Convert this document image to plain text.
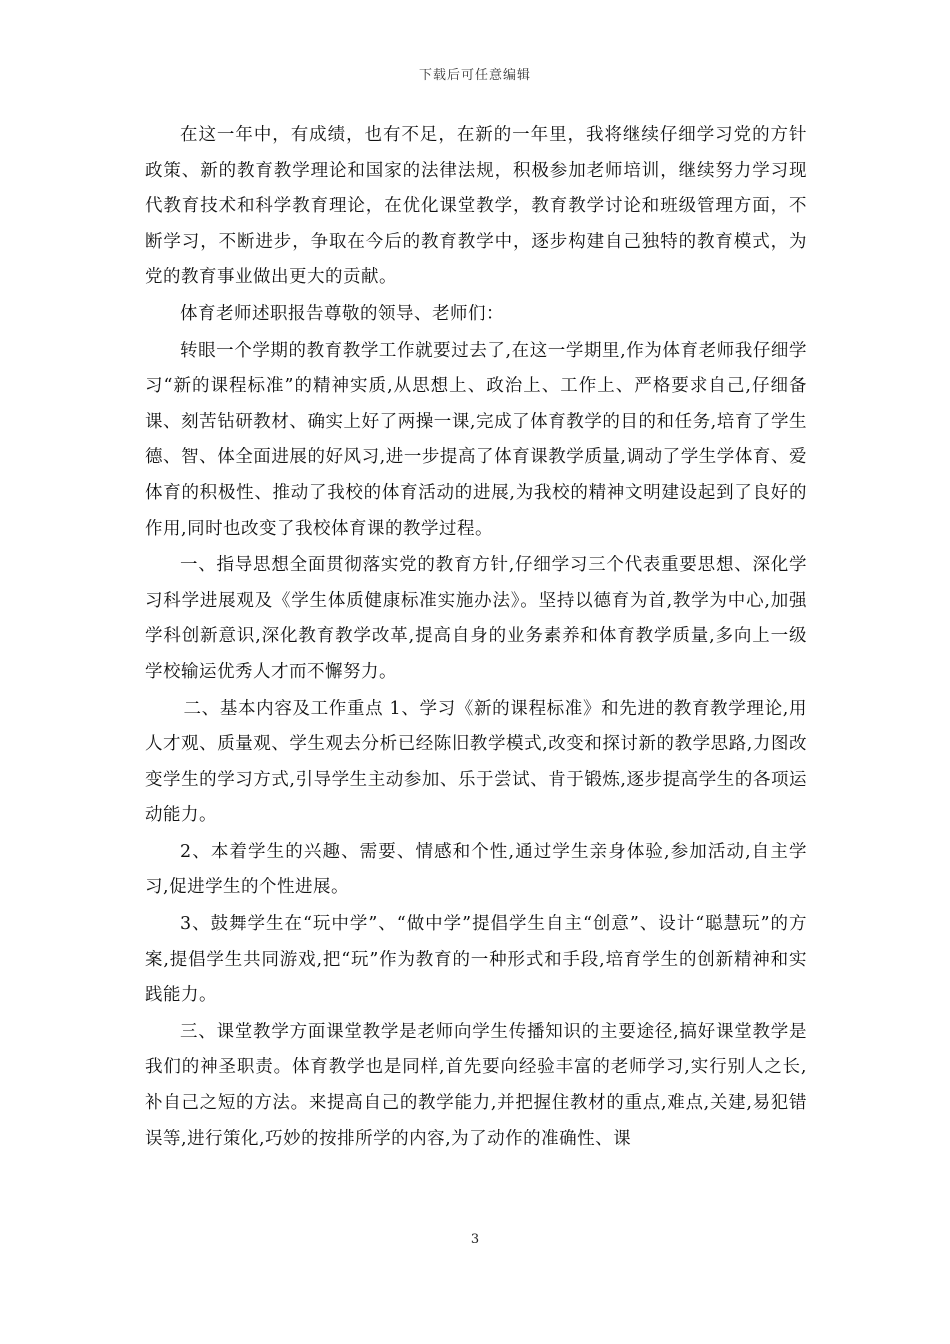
下载后可任意编辑

在这一年中，有成绩，也有不足，在新的一年里，我将继续仔细学习党的方针政策、新的教育教学理论和国家的法律法规，积极参加老师培训，继续努力学习现代教育技术和科学教育理论，在优化课堂教学，教育教学讨论和班级管理方面，不断学习，不断进步，争取在今后的教育教学中，逐步构建自己独特的教育模式，为党的教育事业做出更大的贡献。

体育老师述职报告尊敬的领导、老师们：

转眼一个学期的教育教学工作就要过去了,在这一学期里,作为体育老师我仔细学习“新的课程标准”的精神实质,从思想上、政治上、工作上、严格要求自己,仔细备课、刻苦钻研教材、确实上好了两操一课,完成了体育教学的目的和任务,培育了学生德、智、体全面进展的好风习,进一步提高了体育课教学质量,调动了学生学体育、爱体育的积极性、推动了我校的体育活动的进展,为我校的精神文明建设起到了良好的作用,同时也改变了我校体育课的教学过程。

一、指导思想全面贯彻落实党的教育方针,仔细学习三个代表重要思想、深化学习科学进展观及《学生体质健康标准实施办法》。坚持以德育为首,教学为中心,加强学科创新意识,深化教育教学改革,提高自身的业务素养和体育教学质量,多向上一级学校输运优秀人才而不懈努力。

二、基本内容及工作重点 1、学习《新的课程标准》和先进的教育教学理论,用人才观、质量观、学生观去分析已经陈旧教学模式,改变和探讨新的教学思路,力图改变学生的学习方式,引导学生主动参加、乐于尝试、肯于锻炼,逐步提高学生的各项运动能力。

2、本着学生的兴趣、需要、情感和个性,通过学生亲身体验,参加活动,自主学习,促进学生的个性进展。

3、鼓舞学生在“玩中学”、“做中学”提倡学生自主“创意”、设计“聪慧玩”的方案,提倡学生共同游戏,把“玩”作为教育的一种形式和手段,培育学生的创新精神和实践能力。

三、课堂教学方面课堂教学是老师向学生传播知识的主要途径,搞好课堂教学是我们的神圣职责。体育教学也是同样,首先要向经验丰富的老师学习,实行别人之长,补自己之短的方法。来提高自己的教学能力,并把握住教材的重点,难点,关建,易犯错误等,进行策化,巧妙的按排所学的内容,为了动作的准确性、课

3
